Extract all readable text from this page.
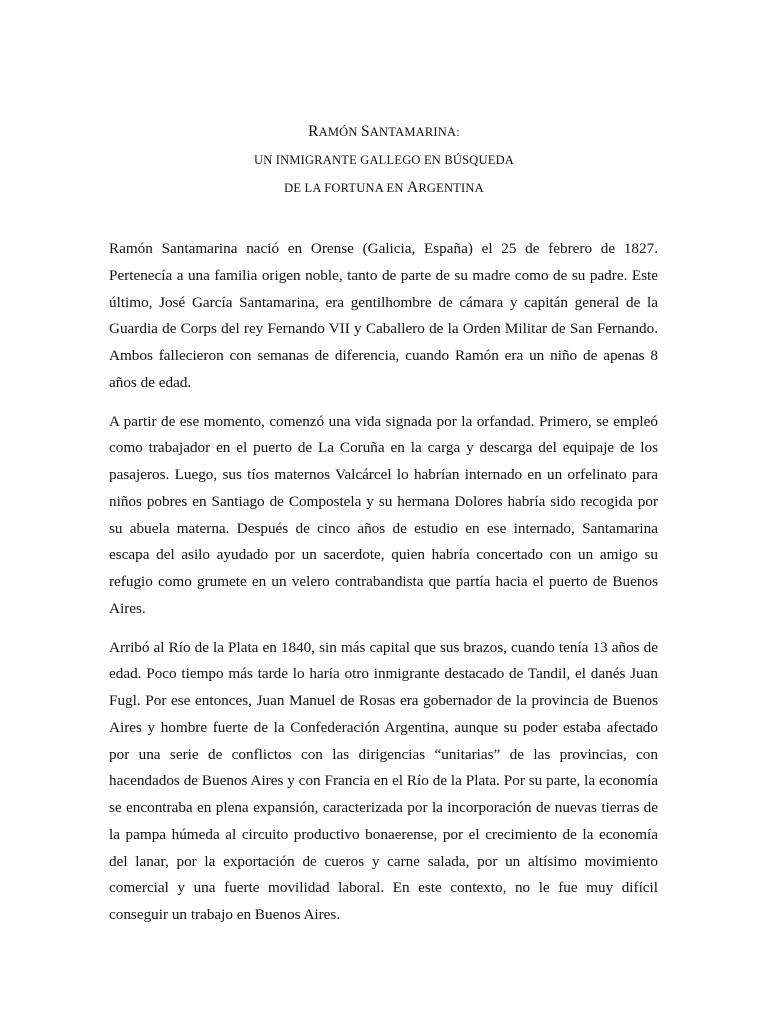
RAMÓN SANTAMARINA:
UN INMIGRANTE GALLEGO EN BÚSQUEDA
DE LA FORTUNA EN ARGENTINA

Ramón Santamarina nació en Orense (Galicia, España) el 25 de febrero de 1827. Pertenecía a una familia origen noble, tanto de parte de su madre como de su padre. Este último, José García Santamarina, era gentilhombre de cámara y capitán general de la Guardia de Corps del rey Fernando VII y Caballero de la Orden Militar de San Fernando. Ambos fallecieron con semanas de diferencia, cuando Ramón era un niño de apenas 8 años de edad.

A partir de ese momento, comenzó una vida signada por la orfandad. Primero, se empleó como trabajador en el puerto de La Coruña en la carga y descarga del equipaje de los pasajeros. Luego, sus tíos maternos Valcárcel lo habrían internado en un orfelinato para niños pobres en Santiago de Compostela y su hermana Dolores habría sido recogida por su abuela materna. Después de cinco años de estudio en ese internado, Santamarina escapa del asilo ayudado por un sacerdote, quien habría concertado con un amigo su refugio como grumete en un velero contrabandista que partía hacia el puerto de Buenos Aires.

Arribó al Río de la Plata en 1840, sin más capital que sus brazos, cuando tenía 13 años de edad. Poco tiempo más tarde lo haría otro inmigrante destacado de Tandil, el danés Juan Fugl. Por ese entonces, Juan Manuel de Rosas era gobernador de la provincia de Buenos Aires y hombre fuerte de la Confederación Argentina, aunque su poder estaba afectado por una serie de conflictos con las dirigencias “unitarias” de las provincias, con hacendados de Buenos Aires y con Francia en el Río de la Plata. Por su parte, la economía se encontraba en plena expansión, caracterizada por la incorporación de nuevas tierras de la pampa húmeda al circuito productivo bonaerense, por el crecimiento de la economía del lanar, por la exportación de cueros y carne salada, por un altísimo movimiento comercial y una fuerte movilidad laboral. En este contexto, no le fue muy difícil conseguir un trabajo en Buenos Aires.
